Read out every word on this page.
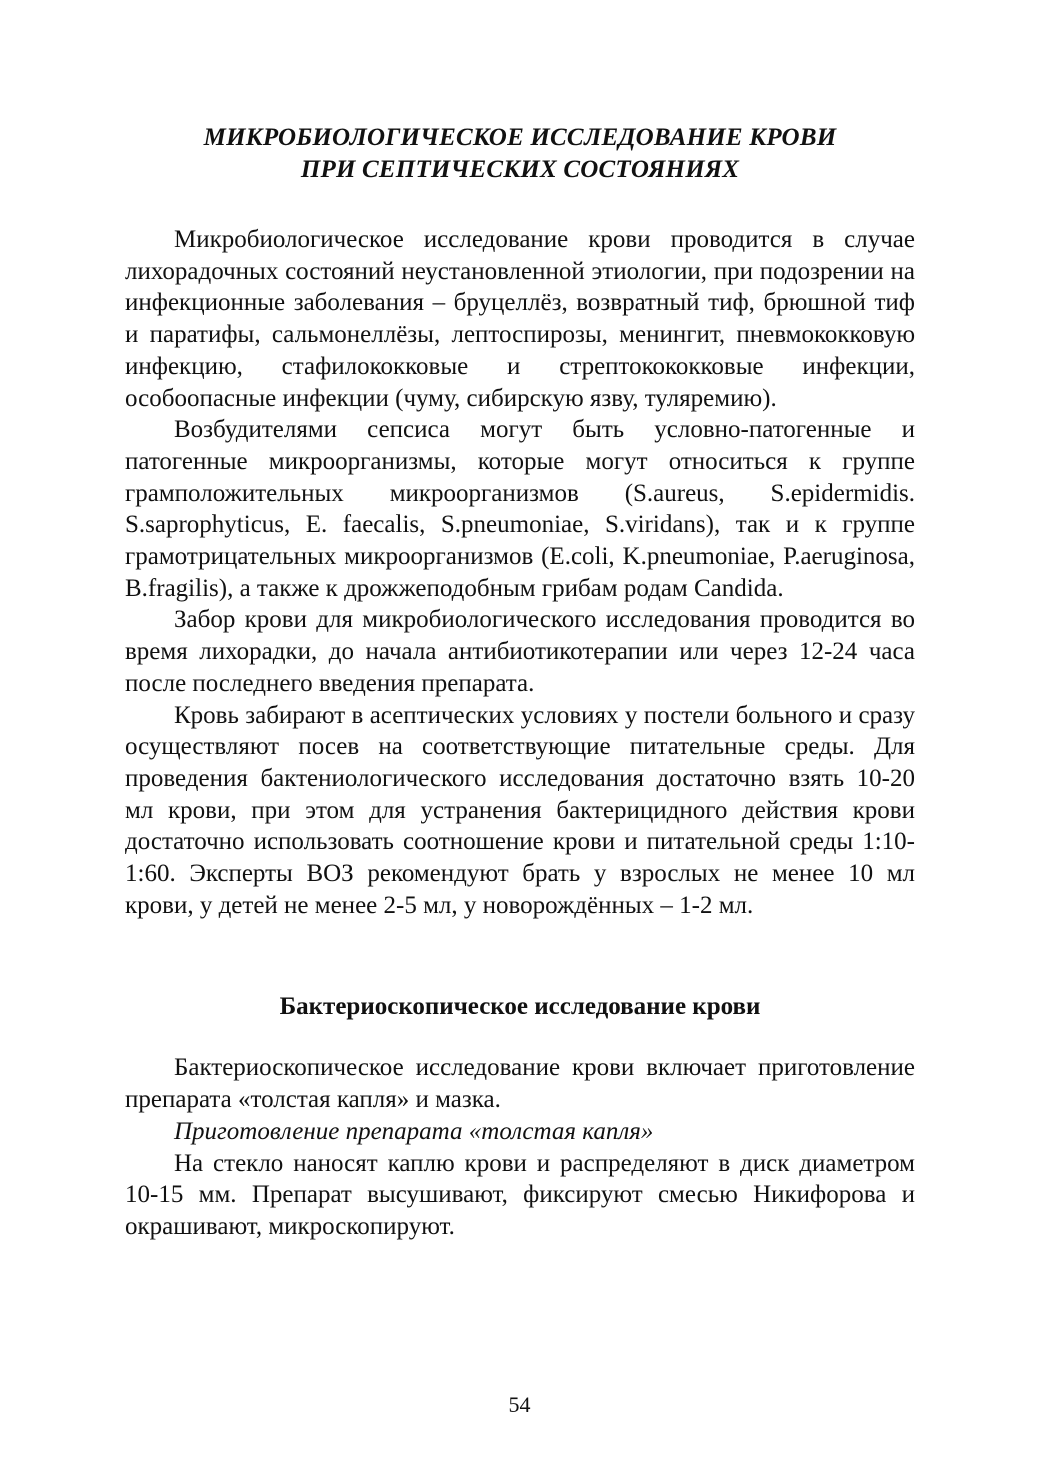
МИКРОБИОЛОГИЧЕСКОЕ ИССЛЕДОВАНИЕ КРОВИ
ПРИ СЕПТИЧЕСКИХ СОСТОЯНИЯХ

Микробиологическое исследование крови проводится в случае лихорадочных состояний неустановленной этиологии, при подозрении на инфекционные заболевания – бруцеллёз, возвратный тиф, брюшной тиф и паратифы, сальмонеллёзы, лептоспирозы, менингит, пневмококковую инфекцию, стафилококковые и стрептокококковые инфекции, особоопасные инфекции (чуму, сибирскую язву, туляремию).

Возбудителями сепсиса могут быть условно-патогенные и патогенные микроорганизмы, которые могут относиться к группе грамположительных микроорганизмов (S.aureus, S.epidermidis. S.saprophyticus, E. faecalis, S.pneumoniae, S.viridans), так и к группе грамотрицательных микроорганизмов (E.coli, K.pneumoniae, P.aeruginosa, B.fragilis), а также к дрожжеподобным грибам родам Candida.

Забор крови для микробиологического исследования проводится во время лихорадки, до начала антибиотикотерапии или через 12-24 часа после последнего введения препарата.

Кровь забирают в асептических условиях у постели больного и сразу осуществляют посев на соответствующие питательные среды. Для проведения бактениологического исследования достаточно взять 10-20 мл крови, при этом для устранения бактерицидного действия крови достаточно использовать соотношение крови и питательной среды 1:10-1:60. Эксперты ВОЗ рекомендуют брать у взрослых не менее 10 мл крови, у детей не менее 2-5 мл, у новорождённых – 1-2 мл.

Бактериоскопическое исследование крови

Бактериоскопическое исследование крови включает приготовление препарата «толстая капля» и мазка.

Приготовление препарата «толстая капля»

На стекло наносят каплю крови и распределяют в диск диаметром 10-15 мм. Препарат высушивают, фиксируют смесью Никифорова и окрашивают, микроскопируют.

54
